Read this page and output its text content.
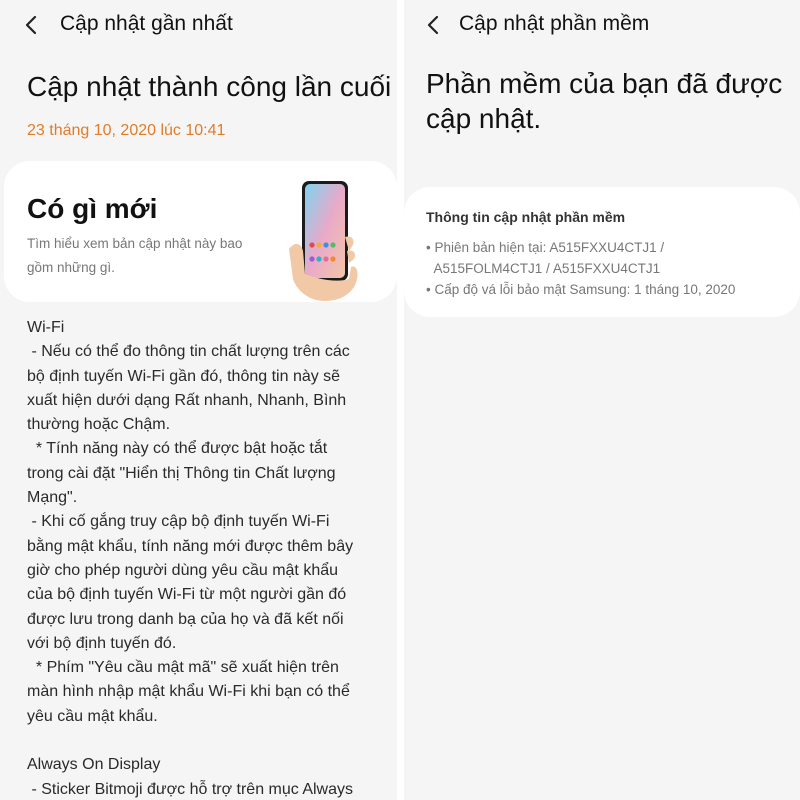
Cập nhật gần nhất
Cập nhật thành công lần cuối
23 tháng 10, 2020 lúc 10:41
Có gì mới
Tìm hiểu xem bản cập nhật này bao gồm những gì.
Wi-Fi
- Nếu có thể đo thông tin chất lượng trên các
bộ định tuyến Wi-Fi gần đó, thông tin này sẽ
xuất hiện dưới dạng Rất nhanh, Nhanh, Bình
thường hoặc Chậm.
* Tính năng này có thể được bật hoặc tắt
trong cài đặt "Hiển thị Thông tin Chất lượng
Mạng".
- Khi cố gắng truy cập bộ định tuyến Wi-Fi
bằng mật khẩu, tính năng mới được thêm bây
giờ cho phép người dùng yêu cầu mật khẩu
của bộ định tuyến Wi-Fi từ một người gần đó
được lưu trong danh bạ của họ và đã kết nối
với bộ định tuyến đó.
* Phím "Yêu cầu mật mã" sẽ xuất hiện trên
màn hình nhập mật khẩu Wi-Fi khi bạn có thể
yêu cầu mật khẩu.
Always On Display
- Sticker Bitmoji được hỗ trợ trên mục Always
Cập nhật phần mềm
Phần mềm của bạn đã được cập nhật.
Thông tin cập nhật phần mềm
• Phiên bản hiện tại: A515FXXU4CTJ1 /
A515FOLM4CTJ1 / A515FXXU4CTJ1
• Cấp độ vá lỗi bảo mật Samsung: 1 tháng 10, 2020
